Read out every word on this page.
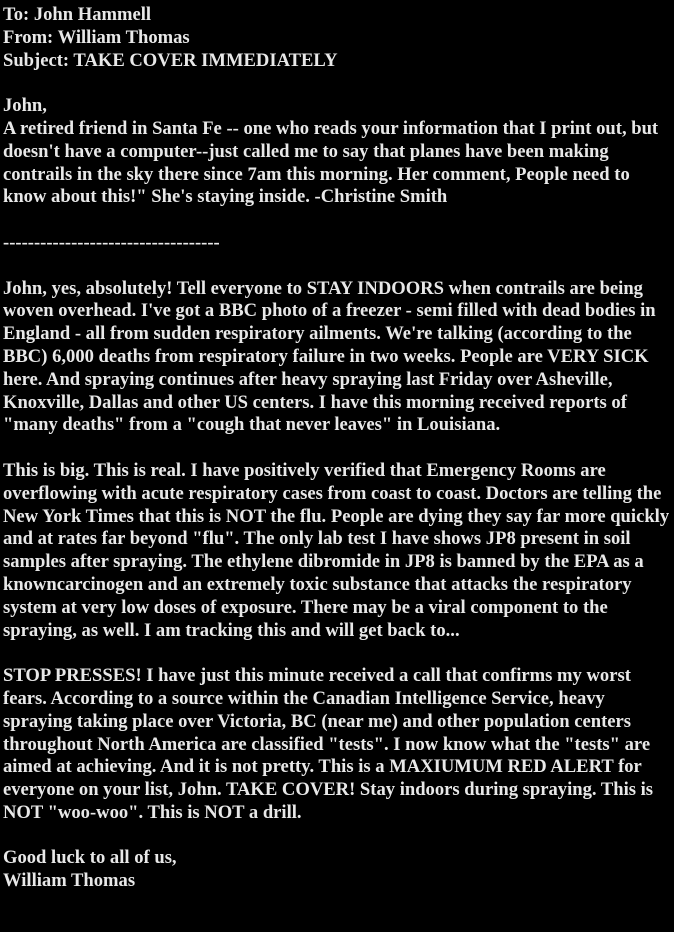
To: John Hammell
From: William Thomas
Subject: TAKE COVER IMMEDIATELY
John,
A retired friend in Santa Fe -- one who reads your information that I print out, but doesn't have a computer--just called me to say that planes have been making contrails in the sky there since 7am this morning. Her comment, People need to know about this!" She's staying inside. -Christine Smith
-----------------------------------
John, yes, absolutely! Tell everyone to STAY INDOORS when contrails are being woven overhead. I've got a BBC photo of a freezer - semi filled with dead bodies in England - all from sudden respiratory ailments. We're talking (according to the BBC) 6,000 deaths from respiratory failure in two weeks. People are VERY SICK here. And spraying continues after heavy spraying last Friday over Asheville, Knoxville, Dallas and other US centers. I have this morning received reports of "many deaths" from a "cough that never leaves" in Louisiana.
This is big. This is real. I have positively verified that Emergency Rooms are overflowing with acute respiratory cases from coast to coast. Doctors are telling the New York Times that this is NOT the flu. People are dying they say far more quickly and at rates far beyond "flu". The only lab test I have shows JP8 present in soil samples after spraying. The ethylene dibromide in JP8 is banned by the EPA as a knowncarcinogen and an extremely toxic substance that attacks the respiratory system at very low doses of exposure. There may be a viral component to the spraying, as well. I am tracking this and will get back to...
STOP PRESSES! I have just this minute received a call that confirms my worst fears. According to a source within the Canadian Intelligence Service, heavy spraying taking place over Victoria, BC (near me) and other population centers throughout North America are classified "tests". I now know what the "tests" are aimed at achieving. And it is not pretty. This is a MAXIUMUM RED ALERT for everyone on your list, John. TAKE COVER! Stay indoors during spraying. This is NOT "woo-woo". This is NOT a drill.
Good luck to all of us,
William Thomas
